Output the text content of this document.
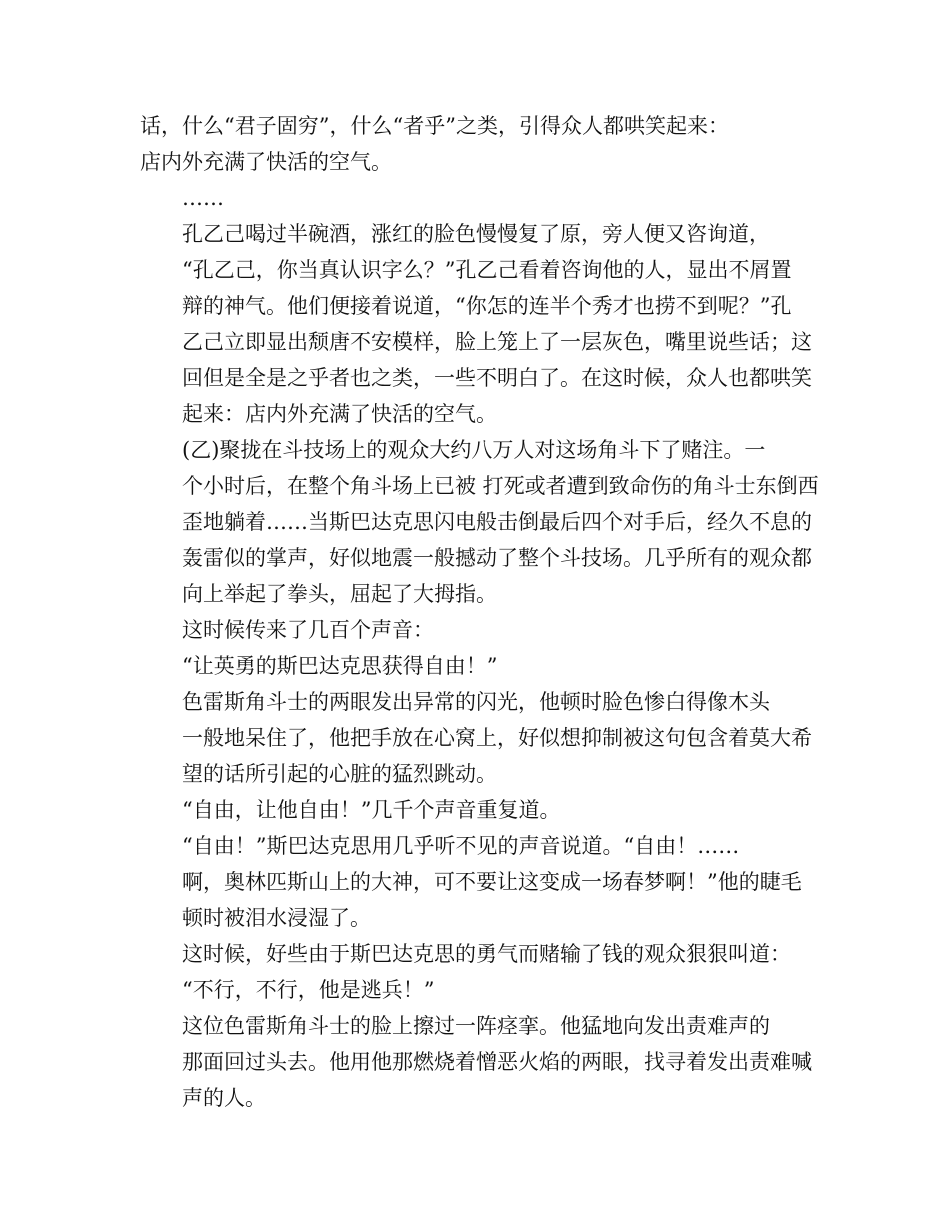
话，什么“君子固穷”，什么“者乎”之类，引得众人都哄笑起来：
店内外充满了快活的空气。

……

孔乙己喝过半碗酒，涨红的脸色慢慢复了原，旁人便又咨询道，
“孔乙己，你当真认识字么？”孔乙己看着咨询他的人，显出不屑置
辩的神气。他们便接着说道，“你怎的连半个秀才也捞不到呢？”孔
乙己立即显出颓唐不安模样，脸上笼上了一层灰色，嘴里说些话；这
回但是全是之乎者也之类，一些不明白了。在这时候，众人也都哄笑
起来：店内外充满了快活的空气。

(乙)聚拢在斗技场上的观众大约八万人对这场角斗下了赌注。一
个小时后，在整个角斗场上已被 打死或者遭到致命伤的角斗士东倒西
歪地躺着……当斯巴达克思闪电般击倒最后四个对手后，经久不息的
轰雷似的掌声，好似地震一般撼动了整个斗技场。几乎所有的观众都
向上举起了拳头，屈起了大拇指。

这时候传来了几百个声音：

“让英勇的斯巴达克思获得自由！”

色雷斯角斗士的两眼发出异常的闪光，他顿时脸色惨白得像木头
一般地呆住了，他把手放在心窝上，好似想抑制被这句包含着莫大希
望的话所引起的心脏的猛烈跳动。

“自由，让他自由！”几千个声音重复道。

“自由！”斯巴达克思用几乎听不见的声音说道。“自由！……
啊，奥林匹斯山上的大神，可不要让这变成一场春梦啊！”他的睫毛
顿时被泪水浸湿了。

这时候，好些由于斯巴达克思的勇气而赌输了钱的观众狠狠叫道：

“不行，不行，他是逃兵！”

这位色雷斯角斗士的脸上擦过一阵痉挛。他猛地向发出责难声的
那面回过头去。他用他那燃烧着憎恶火焰的两眼，找寻着发出责难喊
声的人。
